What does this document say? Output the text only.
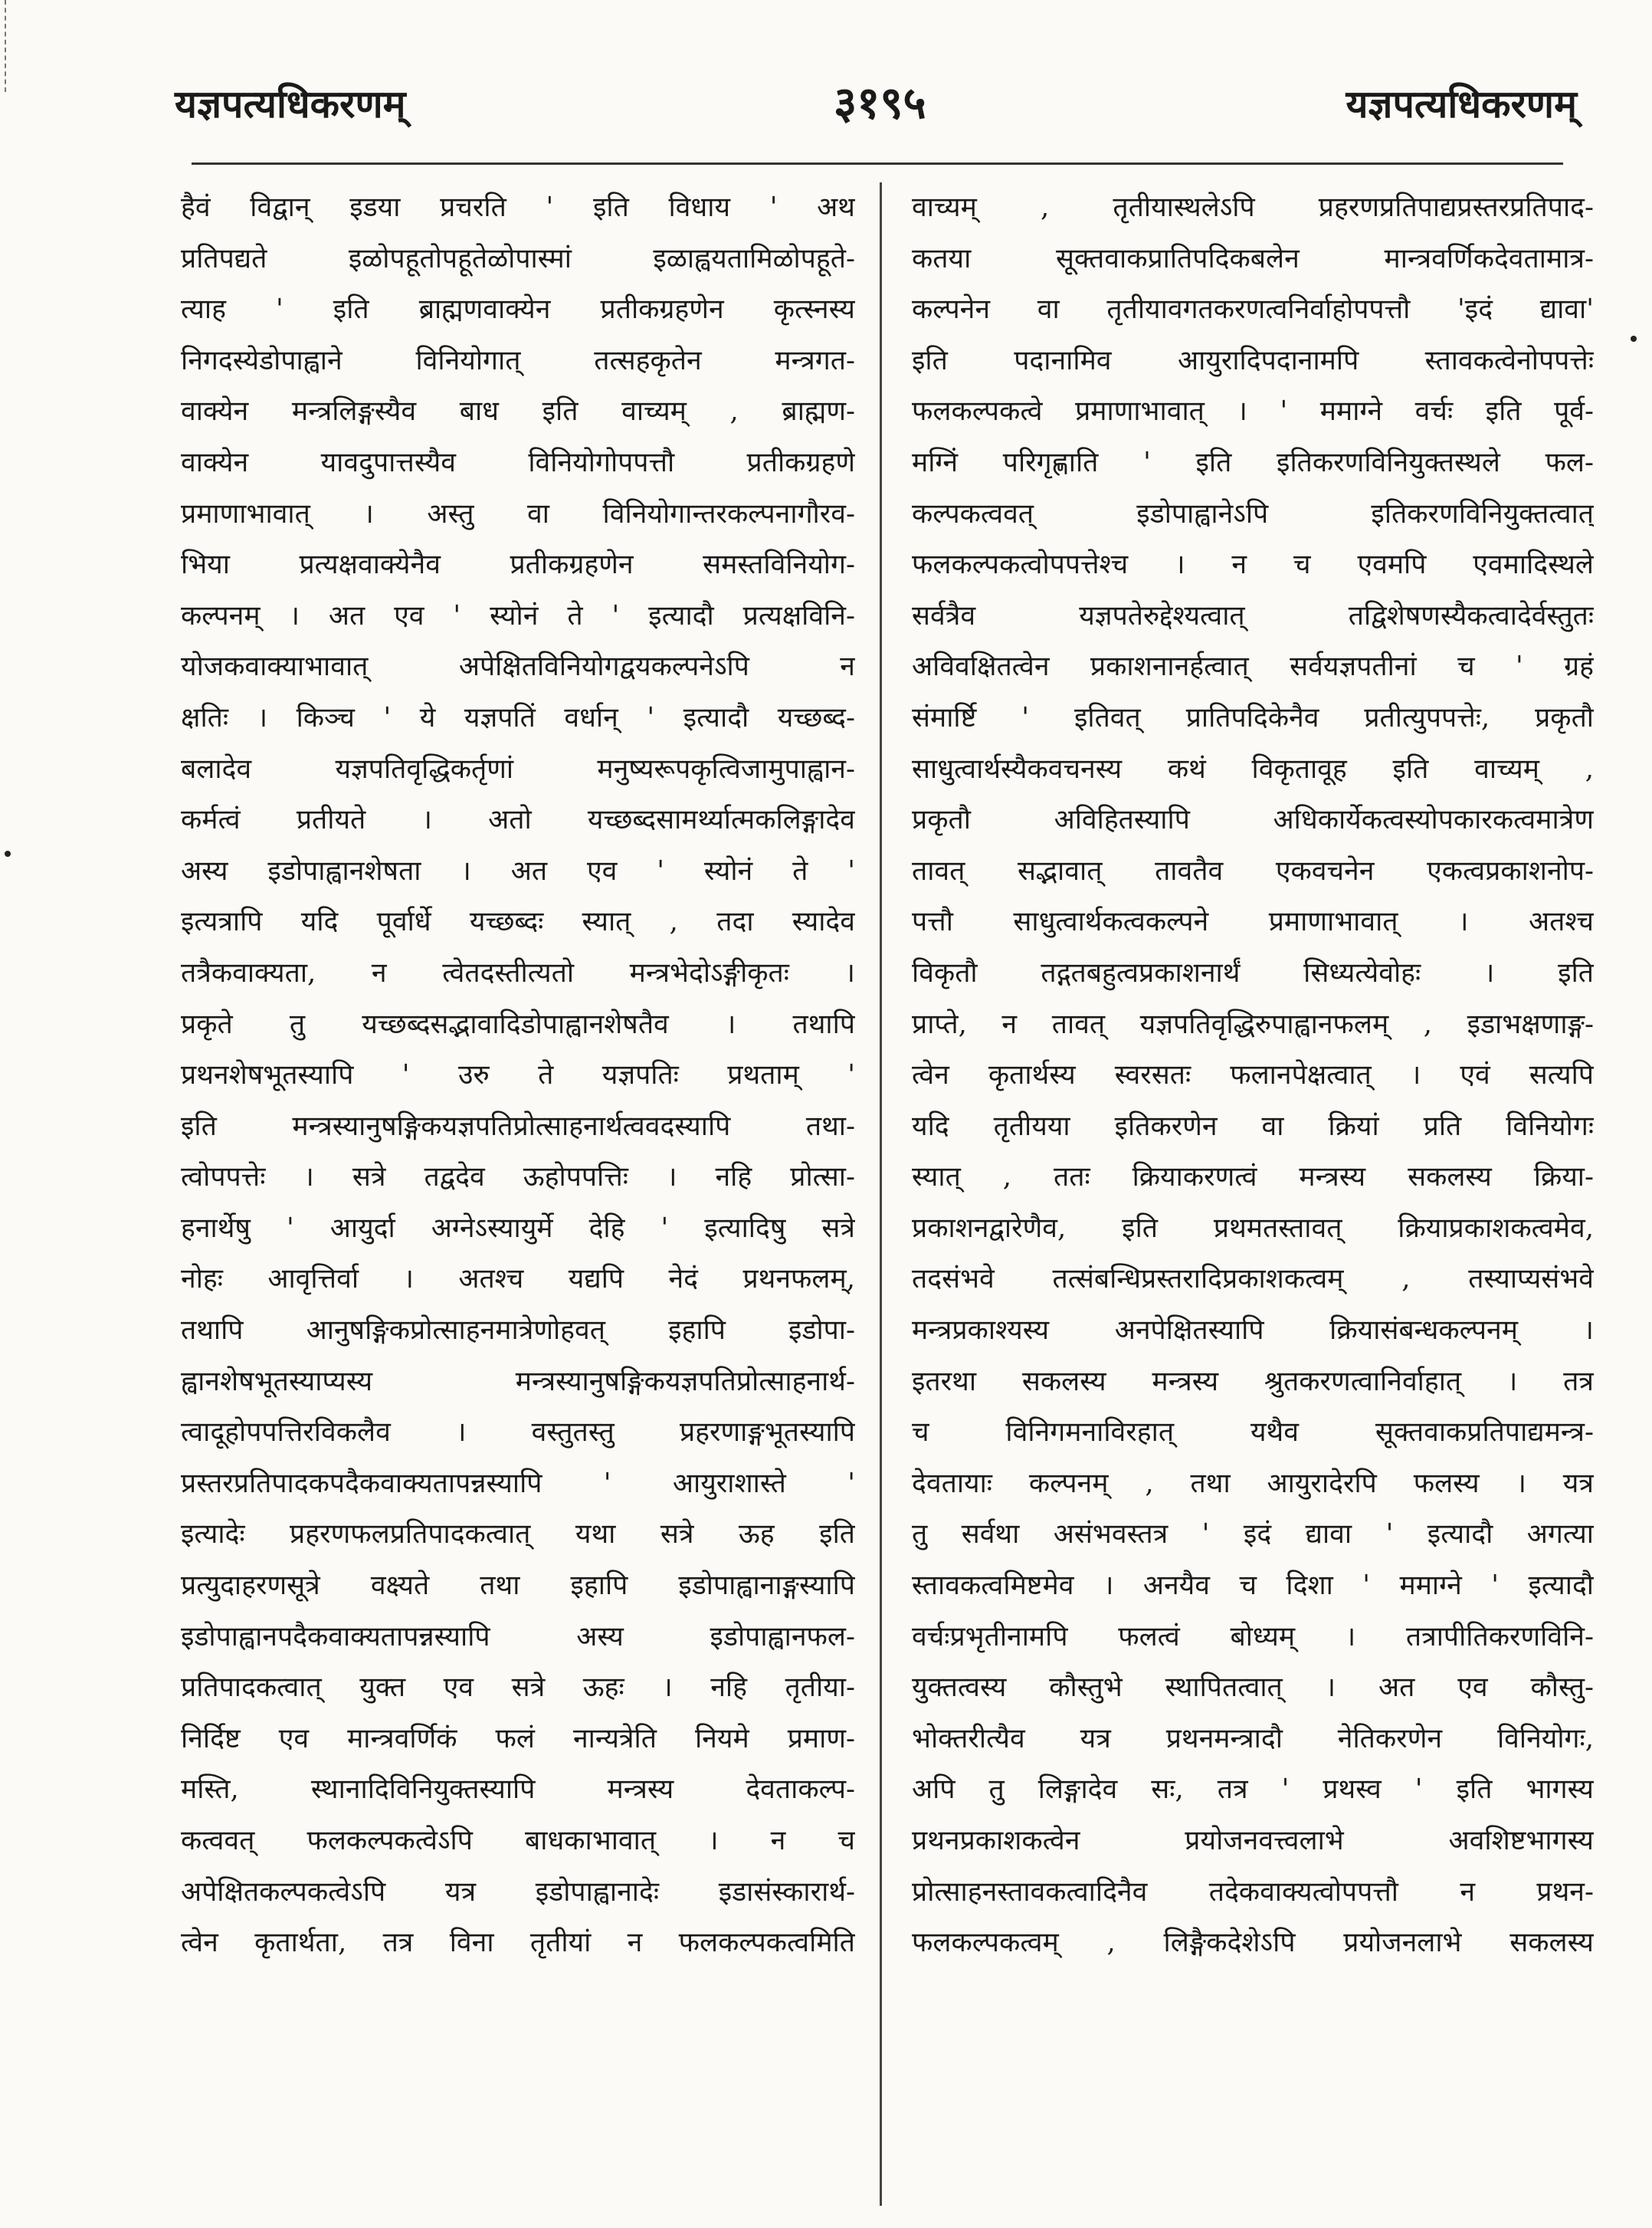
यज्ञपत्यधिकरणम्	३१९५	यज्ञपत्यधिकरणम्
हैवं विद्वान् इडया प्रचरति ' इति विधाय ' अथ
प्रतिपद्यते इळोपहूतोपहूतेळोपास्मां इळाह्वयतामिळोपहूते-
त्याह ' इति ब्राह्मणवाक्येन प्रतीकग्रहणेन कृत्स्नस्य
निगदस्येडोपाह्वाने विनियोगात् तत्सहकृतेन मन्त्रगत-
वाक्येन मन्त्रलिङ्गस्यैव बाध इति वाच्यम् , ब्राह्मण-
वाक्येन यावदुपात्तस्यैव विनियोगोपपत्तौ प्रतीकग्रहणे
प्रमाणाभावात् । अस्तु वा विनियोगान्तरकल्पनागौरव-
भिया प्रत्यक्षवाक्येनैव प्रतीकग्रहणेन समस्तविनियोग-
कल्पनम् । अत एव ' स्योनं ते ' इत्यादौ प्रत्यक्षविनि-
योजकवाक्याभावात् अपेक्षितविनियोगद्वयकल्पनेऽपि न
क्षतिः । किञ्च ' ये यज्ञपतिं वर्धान् ' इत्यादौ यच्छब्द-
बलादेव यज्ञपतिवृद्धिकर्तृणां मनुष्यरूपकृत्विजामुपाह्वान-
कर्मत्वं प्रतीयते । अतो यच्छब्दसामर्थ्यात्मकलिङ्गादेव
अस्य इडोपाह्वानशेषता । अत एव ' स्योनं ते '
इत्यत्रापि यदि पूर्वार्धे यच्छब्दः स्यात् , तदा स्यादेव
तत्रैकवाक्यता, न त्वेतदस्तीत्यतो मन्त्रभेदोऽङ्गीकृतः ।
प्रकृते तु यच्छब्दसद्भावादिडोपाह्वानशेषतैव । तथापि
प्रथनशेषभूतस्यापि ' उरु ते यज्ञपतिः प्रथताम् '
इति मन्त्रस्यानुषङ्गिकयज्ञपतिप्रोत्साहनार्थत्ववदस्यापि तथा-
त्वोपपत्तेः । सत्रे तद्वदेव ऊहोपपत्तिः । नहि प्रोत्सा-
हनार्थेषु ' आयुर्दा अग्नेऽस्यायुर्मे देहि ' इत्यादिषु सत्रे
नोहः आवृत्तिर्वा । अतश्च यद्यपि नेदं प्रथनफलम्,
तथापि आनुषङ्गिकप्रोत्साहनमात्रेणोहवत् इहापि इडोपा-
ह्वानशेषभूतस्याप्यस्य मन्त्रस्यानुषङ्गिकयज्ञपतिप्रोत्साहनार्थ-
त्वादूहोपपत्तिरविकलैव । वस्तुतस्तु प्रहरणाङ्गभूतस्यापि
प्रस्तरप्रतिपादकपदैकवाक्यतापन्नस्यापि ' आयुराशास्ते '
इत्यादेः प्रहरणफलप्रतिपादकत्वात् यथा सत्रे ऊह इति
प्रत्युदाहरणसूत्रे वक्ष्यते तथा इहापि इडोपाह्वानाङ्गस्यापि
इडोपाह्वानपदैकवाक्यतापन्नस्यापि अस्य इडोपाह्वानफल-
प्रतिपादकत्वात् युक्त एव सत्रे ऊहः । नहि तृतीया-
निर्दिष्ट एव मान्त्रवर्णिकं फलं नान्यत्रेति नियमे प्रमाण-
मस्ति, स्थानादिविनियुक्तस्यापि मन्त्रस्य देवताकल्प-
कत्ववत् फलकल्पकत्वेऽपि बाधकाभावात् । न च
अपेक्षितकल्पकत्वेऽपि यत्र इडोपाह्वानादेः इडासंस्कारार्थ-
त्वेन कृतार्थता, तत्र विना तृतीयां न फलकल्पकत्वमिति
वाच्यम् , तृतीयास्थलेऽपि प्रहरणप्रतिपाद्यप्रस्तरप्रतिपाद-
कतया सूक्तवाकप्रातिपदिकबलेन मान्त्रवर्णिकदेवतामात्र-
कल्पनेन वा तृतीयावगतकरणत्वनिर्वाहोपपत्तौ 'इदं द्यावा'
इति पदानामिव आयुरादिपदानामपि स्तावकत्वेनोपपत्तेः
फलकल्पकत्वे प्रमाणाभावात् । ' ममाग्ने वर्चः इति पूर्व-
मग्निं परिगृह्णाति ' इति इतिकरणविनियुक्तस्थले फल-
कल्पकत्ववत् इडोपाह्वानेऽपि इतिकरणविनियुक्तत्वात्
फलकल्पकत्वोपपत्तेश्च । न च एवमपि एवमादिस्थले
सर्वत्रैव यज्ञपतेरुद्देश्यत्वात् तद्विशेषणस्यैकत्वादेर्वस्तुतः
अविवक्षितत्वेन प्रकाशनानर्हत्वात् सर्वयज्ञपतीनां च ' ग्रहं
संमार्ष्टि ' इतिवत् प्रातिपदिकेनैव प्रतीत्युपपत्तेः, प्रकृतौ
साधुत्वार्थस्यैकवचनस्य कथं विकृतावूह इति वाच्यम् ,
प्रकृतौ अविहितस्यापि अधिकार्येकत्वस्योपकारकत्वमात्रेण
तावत् सद्भावात् तावतैव एकवचनेन एकत्वप्रकाशनोप-
पत्तौ साधुत्वार्थकत्वकल्पने प्रमाणाभावात् । अतश्च
विकृतौ तद्गतबहुत्वप्रकाशनार्थं सिध्यत्येवोहः । इति
प्राप्ते, न तावत् यज्ञपतिवृद्धिरुपाह्वानफलम् , इडाभक्षणाङ्ग-
त्वेन कृतार्थस्य स्वरसतः फलानपेक्षत्वात् । एवं सत्यपि
यदि तृतीयया इतिकरणेन वा क्रियां प्रति विनियोगः
स्यात् , ततः क्रियाकरणत्वं मन्त्रस्य सकलस्य क्रिया-
प्रकाशनद्वारेणैव, इति प्रथमतस्तावत् क्रियाप्रकाशकत्वमेव,
तदसंभवे तत्संबन्धिप्रस्तरादिप्रकाशकत्वम् , तस्याप्यसंभवे
मन्त्रप्रकाश्यस्य अनपेक्षितस्यापि क्रियासंबन्धकल्पनम् ।
इतरथा सकलस्य मन्त्रस्य श्रुतकरणत्वानिर्वाहात् । तत्र
च विनिगमनाविरहात् यथैव सूक्तवाकप्रतिपाद्यमन्त्र-
देवतायाः कल्पनम् , तथा आयुरादेरपि फलस्य । यत्र
तु सर्वथा असंभवस्तत्र ' इदं द्यावा ' इत्यादौ अगत्या
स्तावकत्वमिष्टमेव । अनयैव च दिशा ' ममाग्ने ' इत्यादौ
वर्चःप्रभृतीनामपि फलत्वं बोध्यम् । तत्रापीतिकरणविनि-
युक्तत्वस्य कौस्तुभे स्थापितत्वात् । अत एव कौस्तु-
भोक्तरीत्यैव यत्र प्रथनमन्त्रादौ नेतिकरणेन विनियोगः,
अपि तु लिङ्गादेव सः, तत्र ' प्रथस्व ' इति भागस्य
प्रथनप्रकाशकत्वेन प्रयोजनवत्त्वलाभे अवशिष्टभागस्य
प्रोत्साहनस्तावकत्वादिनैव तदेकवाक्यत्वोपपत्तौ न प्रथन-
फलकल्पकत्वम् , लिङ्गैकदेशेऽपि प्रयोजनलाभे सकलस्य
